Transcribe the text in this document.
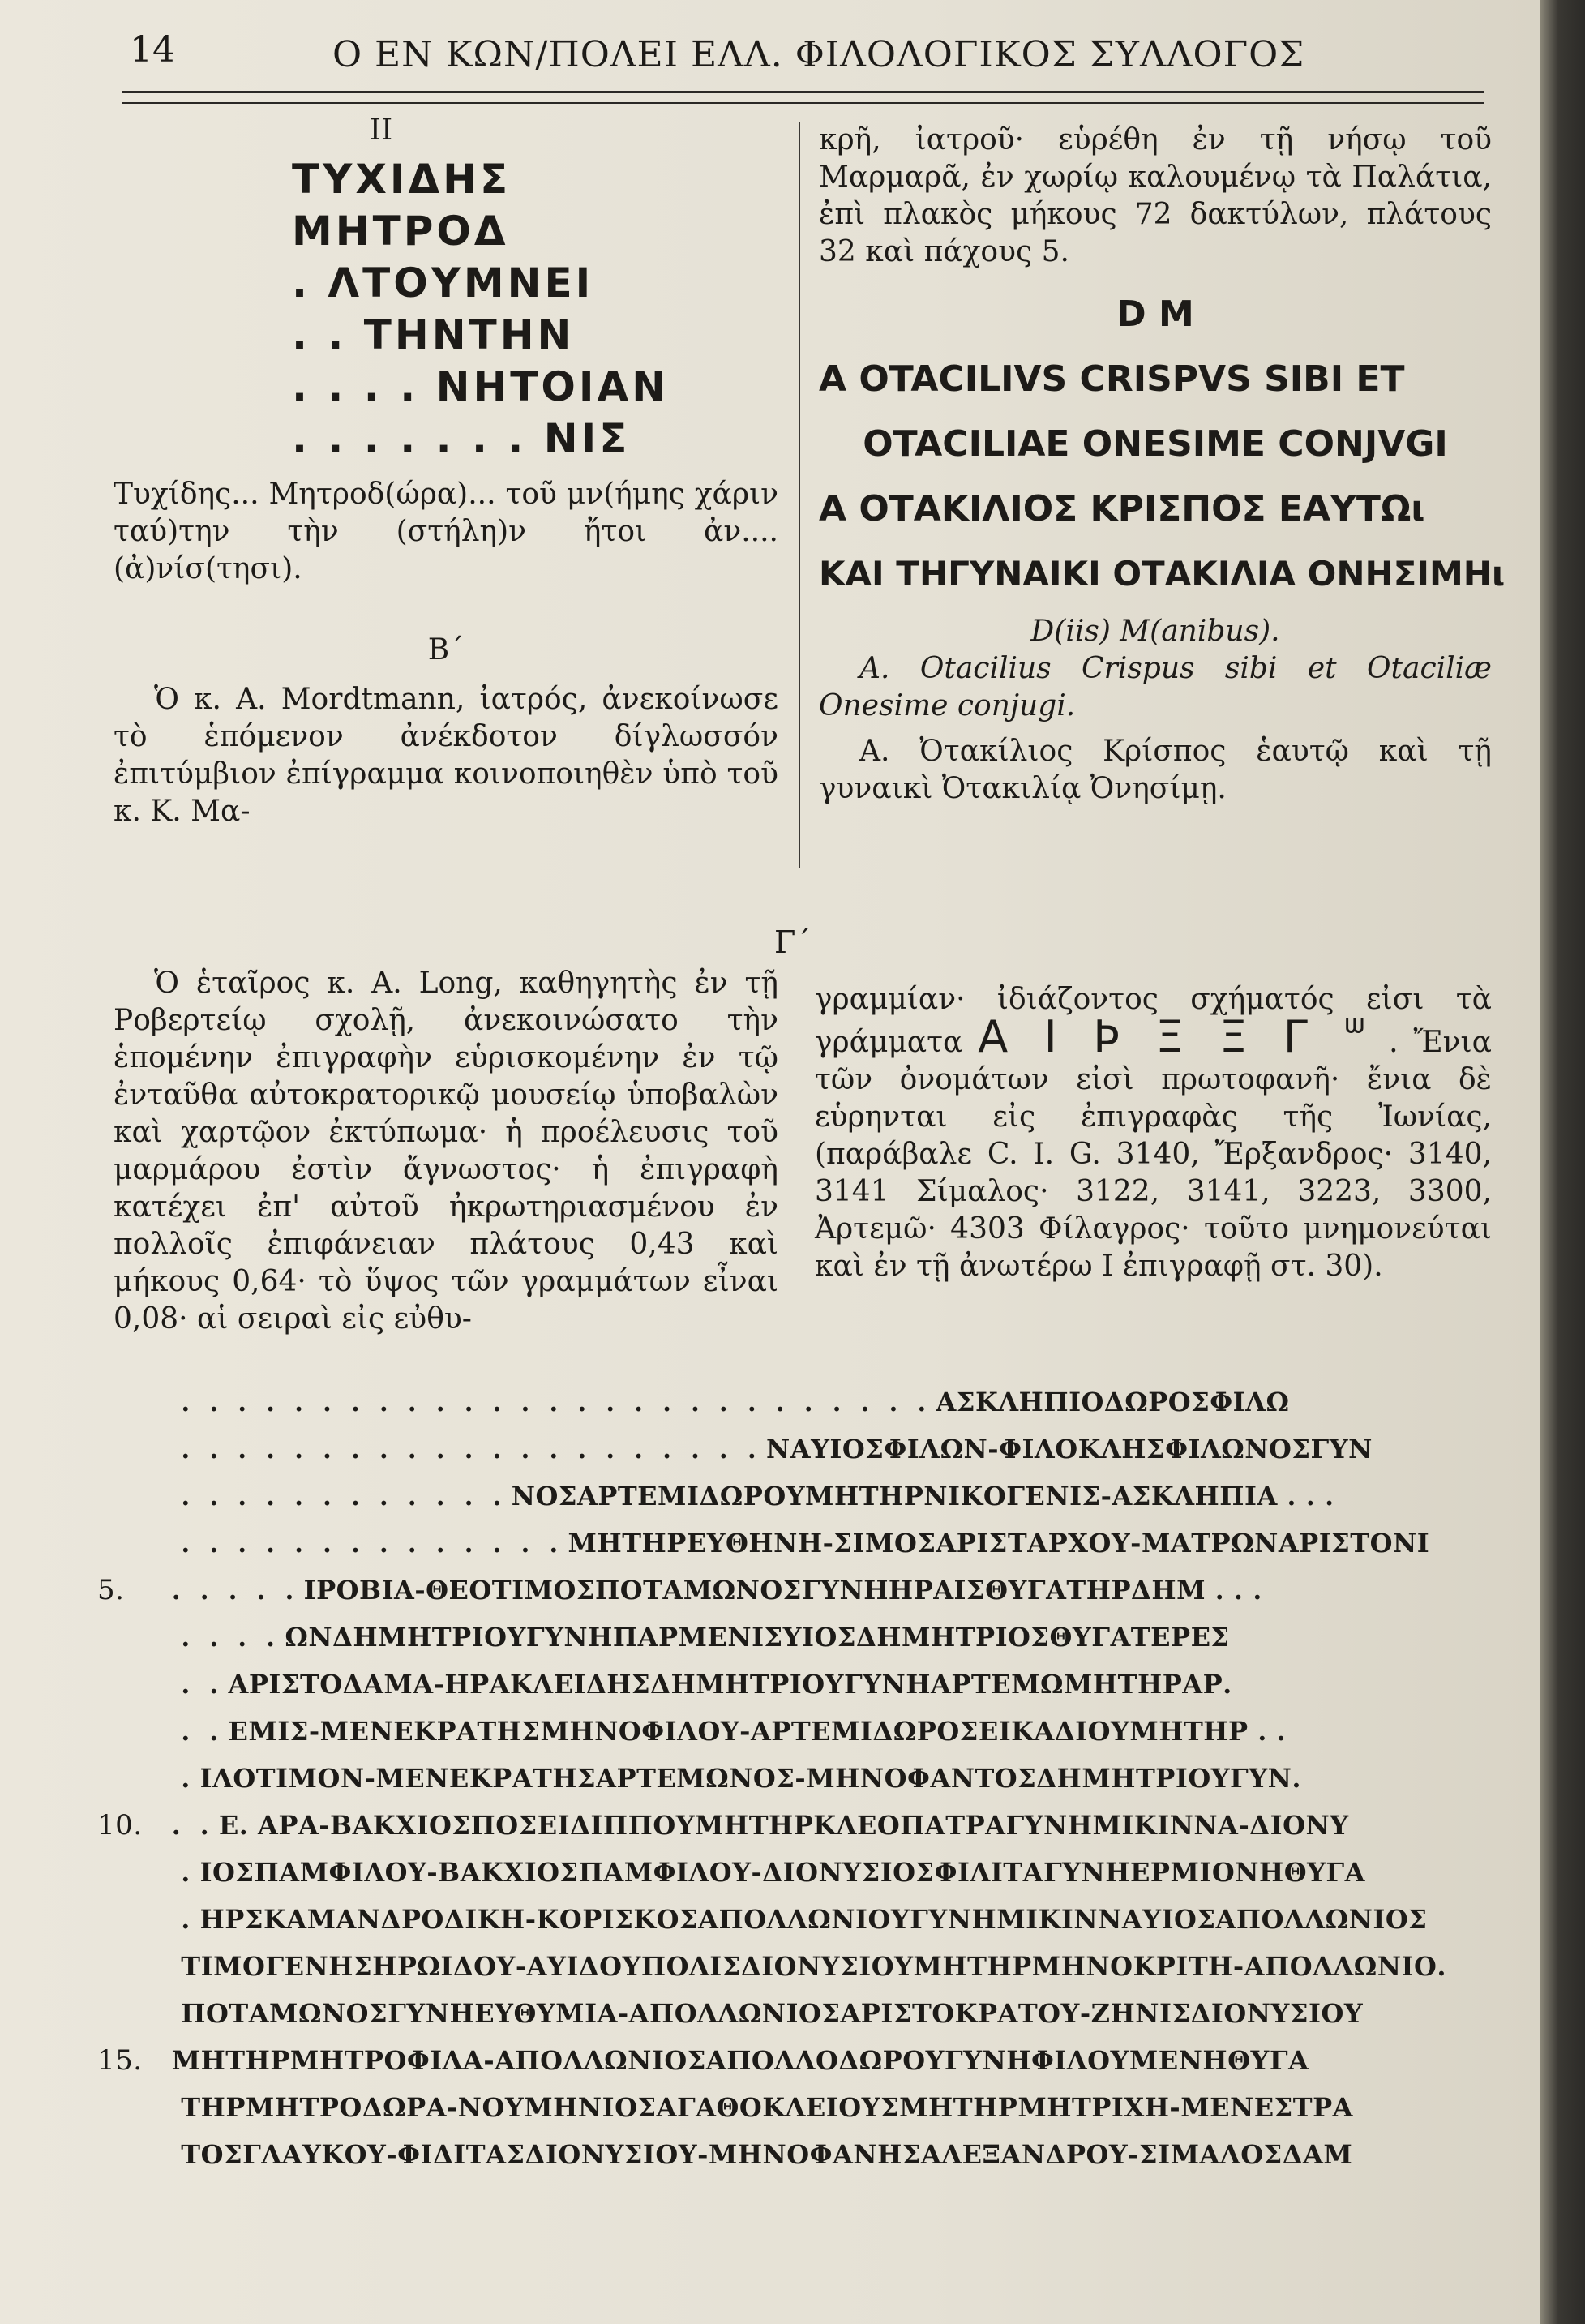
14	Ο ΕΝ ΚΩΝ/ΠΟΛΕΙ ΕΛΛ. ΦΙΛΟΛΟΓΙΚΟΣ ΣΥΛΛΟΓΟΣ
II
ΤΥΧΙΔΗΣ
ΜΗΤΡΟΔ
. ΛΤΟΥΜΝΕΙ
. . ΤΗΝΤΗΝ
. . . . ΝΗΤΟΙΑΝ
. . . . . . . ΝΙΣ

Τυχίδης... Μητροδ(ώρα)... τοῦ μν(ήμης χάριν ταύ)την τὴν (στήλη)ν ἤτοι ἀν.... (ἀ)νίσ(τησι).

Β΄

Ὁ κ. A. Mordtmann, ἰατρός, ἀνεκοίνωσε τὸ ἑπόμενον ἀνέκδοτον δίγλωσσόν ἐπιτύμβιον ἐπίγραμμα κοινοποιηθὲν ὑπὸ τοῦ κ. Κ. Μα-

κρῆ, ἰατροῦ· εὑρέθη ἐν τῇ νήσῳ τοῦ Μαρμαρᾶ, ἐν χωρίῳ καλουμένῳ τὰ Παλάτια, ἐπὶ πλακὸς μήκους 72 δακτύλων, πλάτους 32 καὶ πάχους 5.

D M

A OTACILIVS CRISPVS SIBI ET

OTACILIAE ONESIME CONJVGI

Α ΟΤΑΚΙΛΙΟΣ ΚΡΙΣΠΟΣ ΕΑΥΤΩι

ΚΑΙ ΤΗΓΥΝΑΙΚΙ ΟΤΑΚΙΛΙΑ ΟΝΗΣΙΜΗι

D(iis) M(anibus).

A. Otacilius Crispus sibi et Otaciliæ Onesime conjugi.

Α. Ὀτακίλιος Κρίσπος ἑαυτῷ καὶ τῇ γυναικὶ Ὀτακιλίᾳ Ὀνησίμῃ.

Γ΄

Ὁ ἑταῖρος κ. A. Long, καθηγητὴς ἐν τῇ Ροβερτείῳ σχολῇ, ἀνεκοινώσατο τὴν ἑπομένην ἐπιγραφὴν εὑρισκομένην ἐν τῷ ἐνταῦθα αὐτοκρατορικῷ μουσείῳ ὑποβαλὼν καὶ χαρτῷον ἐκτύπωμα· ἡ προέλευσις τοῦ μαρμάρου ἐστὶν ἄγνωστος· ἡ ἐπιγραφὴ κατέχει ἐπ' αὐτοῦ ἠκρωτηριασμένου ἐν πολλοῖς ἐπιφάνειαν πλάτους 0,43 καὶ μήκους 0,64· τὸ ὕψος τῶν γραμμάτων εἶναι 0,08· αἱ σειραὶ εἰς εὐθυ-

γραμμίαν· ἰδιάζοντος σχήματός εἰσι τὰ γράμματα Α Ι Ϸ Ξ Ξ Γ ᐜ . Ἔνια τῶν ὀνομάτων εἰσὶ πρωτοφανῆ· ἔνια δὲ εὑρηνται εἰς ἐπιγραφὰς τῆς Ἰωνίας, (παράβαλε C. I. G. 3140, Ἔρξανδρος· 3140, 3141 Σίμαλος· 3122, 3141, 3223, 3300, Ἀρτεμῶ· 4303 Φίλαγρος· τοῦτο μνημονεύται καὶ ἐν τῇ ἀνωτέρω I ἐπιγραφῇ στ. 30).

.  .  .  .  .  .  .  .  .  .  .  .  .  .  .  .  .  .  .  .  .  .  .  .  .  .  . ΑΣΚΛΗΠΙΟΔΩΡΟΣΦΙΛΩ

.  .  .  .  .  .  .  .  .  .  .  .  .  .  .  .  .  .  .  .  . ΝΑΥΙΟΣΦΙΛΩΝ-ΦΙΛΟΚΛΗΣΦΙΛΩΝΟΣΓΥΝ

.  .  .  .  .  .  .  .  .  .  .  . ΝΟΣΑΡΤΕΜΙΔΩΡΟΥΜΗΤΗΡΝΙΚΟΓΕΝΙΣ-ΑΣΚΛΗΠΙΑ . . .

.  .  .  .  .  .  .  .  .  .  .  .  .  . ΜΗΤΗΡΕΥΘΗΝΗ-ΣΙΜΟΣΑΡΙΣΤΑΡΧΟΥ-ΜΑΤΡΩΝΑΡΙΣΤΟΝΙ

5. .  .  .  .  . ΙΡΟΒΙΑ-ΘΕΟΤΙΜΟΣΠΟΤΑΜΩΝΟΣΓΥΝΗΗΡΑΙΣΘΥΓΑΤΗΡΔΗΜ . . .

.  .  .  . ΩΝΔΗΜΗΤΡΙΟΥΓΥΝΗΠΑΡΜΕΝΙΣΥΙΟΣΔΗΜΗΤΡΙΟΣΘΥΓΑΤΕΡΕΣ

.  . ΑΡΙΣΤΟΔΑΜΑ-ΗΡΑΚΛΕΙΔΗΣΔΗΜΗΤΡΙΟΥΓΥΝΗΑΡΤΕΜΩΜΗΤΗΡΑΡ.

.  . ΕΜΙΣ-ΜΕΝΕΚΡΑΤΗΣΜΗΝΟΦΙΛΟΥ-ΑΡΤΕΜΙΔΩΡΟΣΕΙΚΑΔΙΟΥΜΗΤΗΡ . .

. ΙΛΟΤΙΜΟΝ-ΜΕΝΕΚΡΑΤΗΣΑΡΤΕΜΩΝΟΣ-ΜΗΝΟΦΑΝΤΟΣΔΗΜΗΤΡΙΟΥΓΥΝ.

10. .  . Ε. ΑΡΑ-ΒΑΚΧΙΟΣΠΟΣΕΙΔΙΠΠΟΥΜΗΤΗΡΚΛΕΟΠΑΤΡΑΓΥΝΗΜΙΚΙΝΝΑ-ΔΙΟΝΥ

. ΙΟΣΠΑΜΦΙΛΟΥ-ΒΑΚΧΙΟΣΠΑΜΦΙΛΟΥ-ΔΙΟΝΥΣΙΟΣΦΙΛΙΤΑΓΥΝΗΕΡΜΙΟΝΗΘΥΓΑ

. ΗΡΣΚΑΜΑΝΔΡΟΔΙΚΗ-ΚΟΡΙΣΚΟΣΑΠΟΛΛΩΝΙΟΥΓΥΝΗΜΙΚΙΝΝΑΥΙΟΣΑΠΟΛΛΩΝΙΟΣ

ΤΙΜΟΓΕΝΗΣΗΡΩΙΔΟΥ-ΑΥΙΔΟΥΠΟΛΙΣΔΙΟΝΥΣΙΟΥΜΗΤΗΡΜΗΝΟΚΡΙΤΗ-ΑΠΟΛΛΩΝΙΟ.

ΠΟΤΑΜΩΝΟΣΓΥΝΗΕΥΘΥΜΙΑ-ΑΠΟΛΛΩΝΙΟΣΑΡΙΣΤΟΚΡΑΤΟΥ-ΖΗΝΙΣΔΙΟΝΥΣΙΟΥ

15. ΜΗΤΗΡΜΗΤΡΟΦΙΛΑ-ΑΠΟΛΛΩΝΙΟΣΑΠΟΛΛΟΔΩΡΟΥΓΥΝΗΦΙΛΟΥΜΕΝΗΘΥΓΑ

ΤΗΡΜΗΤΡΟΔΩΡΑ-ΝΟΥΜΗΝΙΟΣΑΓΑΘΟΚΛΕΙΟΥΣΜΗΤΗΡΜΗΤΡΙΧΗ-ΜΕΝΕΣΤΡΑ

ΤΟΣΓΛΑΥΚΟΥ-ΦΙΔΙΤΑΣΔΙΟΝΥΣΙΟΥ-ΜΗΝΟΦΑΝΗΣΑΛΕΞΑΝΔΡΟΥ-ΣΙΜΑΛΟΣΔΑΜ
